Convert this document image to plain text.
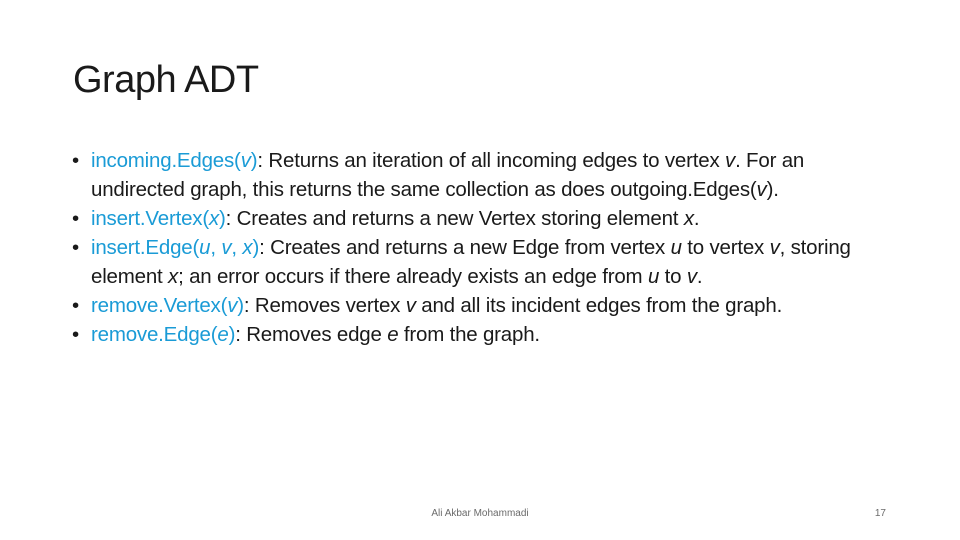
Graph ADT
• incoming.Edges(v): Returns an iteration of all incoming edges to vertex v. For an undirected graph, this returns the same collection as does outgoing.Edges(v).
• insert.Vertex(x): Creates and returns a new Vertex storing element x.
• insert.Edge(u, v, x): Creates and returns a new Edge from vertex u to vertex v, storing element x; an error occurs if there already exists an edge from u to v.
• remove.Vertex(v): Removes vertex v and all its incident edges from the graph.
• remove.Edge(e): Removes edge e from the graph.
Ali Akbar Mohammadi	17
